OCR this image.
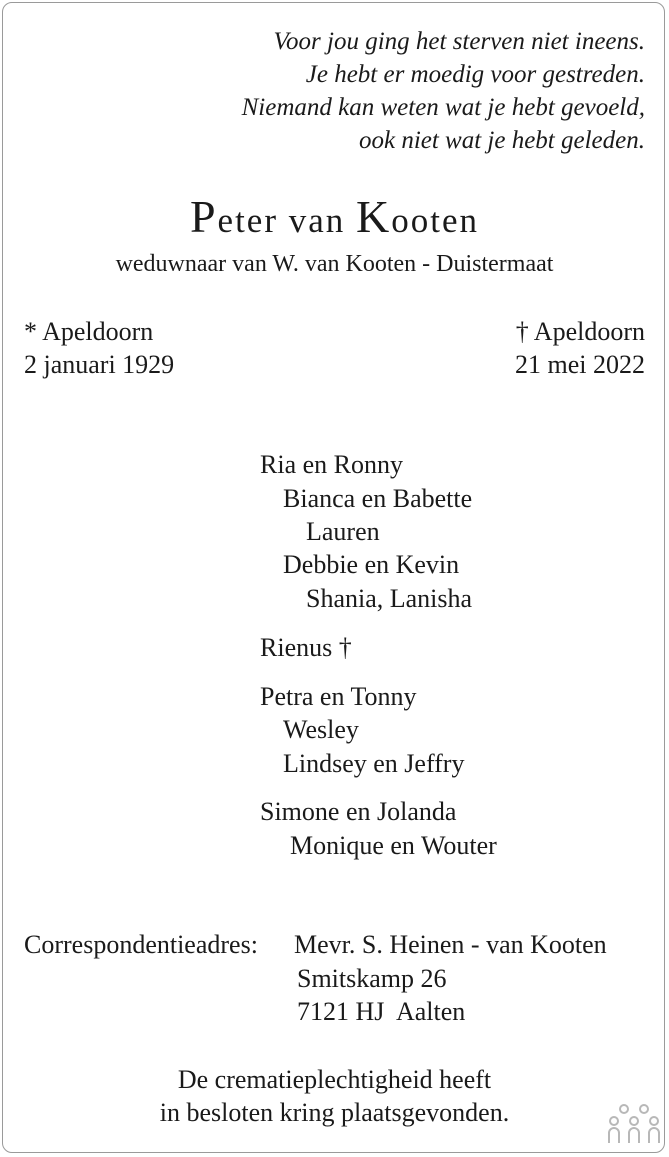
Voor jou ging het sterven niet ineens.
Je hebt er moedig voor gestreden.
Niemand kan weten wat je hebt gevoeld,
ook niet wat je hebt geleden.
Peter van Kooten
weduwnaar van W. van Kooten - Duistermaat
* Apeldoorn
2 januari 1929
† Apeldoorn
21 mei 2022
Ria en Ronny
Bianca en Babette
Lauren
Debbie en Kevin
Shania, Lanisha
Rienus †
Petra en Tonny
Wesley
Lindsey en Jeffry
Simone en Jolanda
Monique en Wouter
Correspondentieadres: Mevr. S. Heinen - van Kooten
Smitskamp 26
7121 HJ  Aalten
De crematieplechtigheid heeft
in besloten kring plaatsgevonden.
